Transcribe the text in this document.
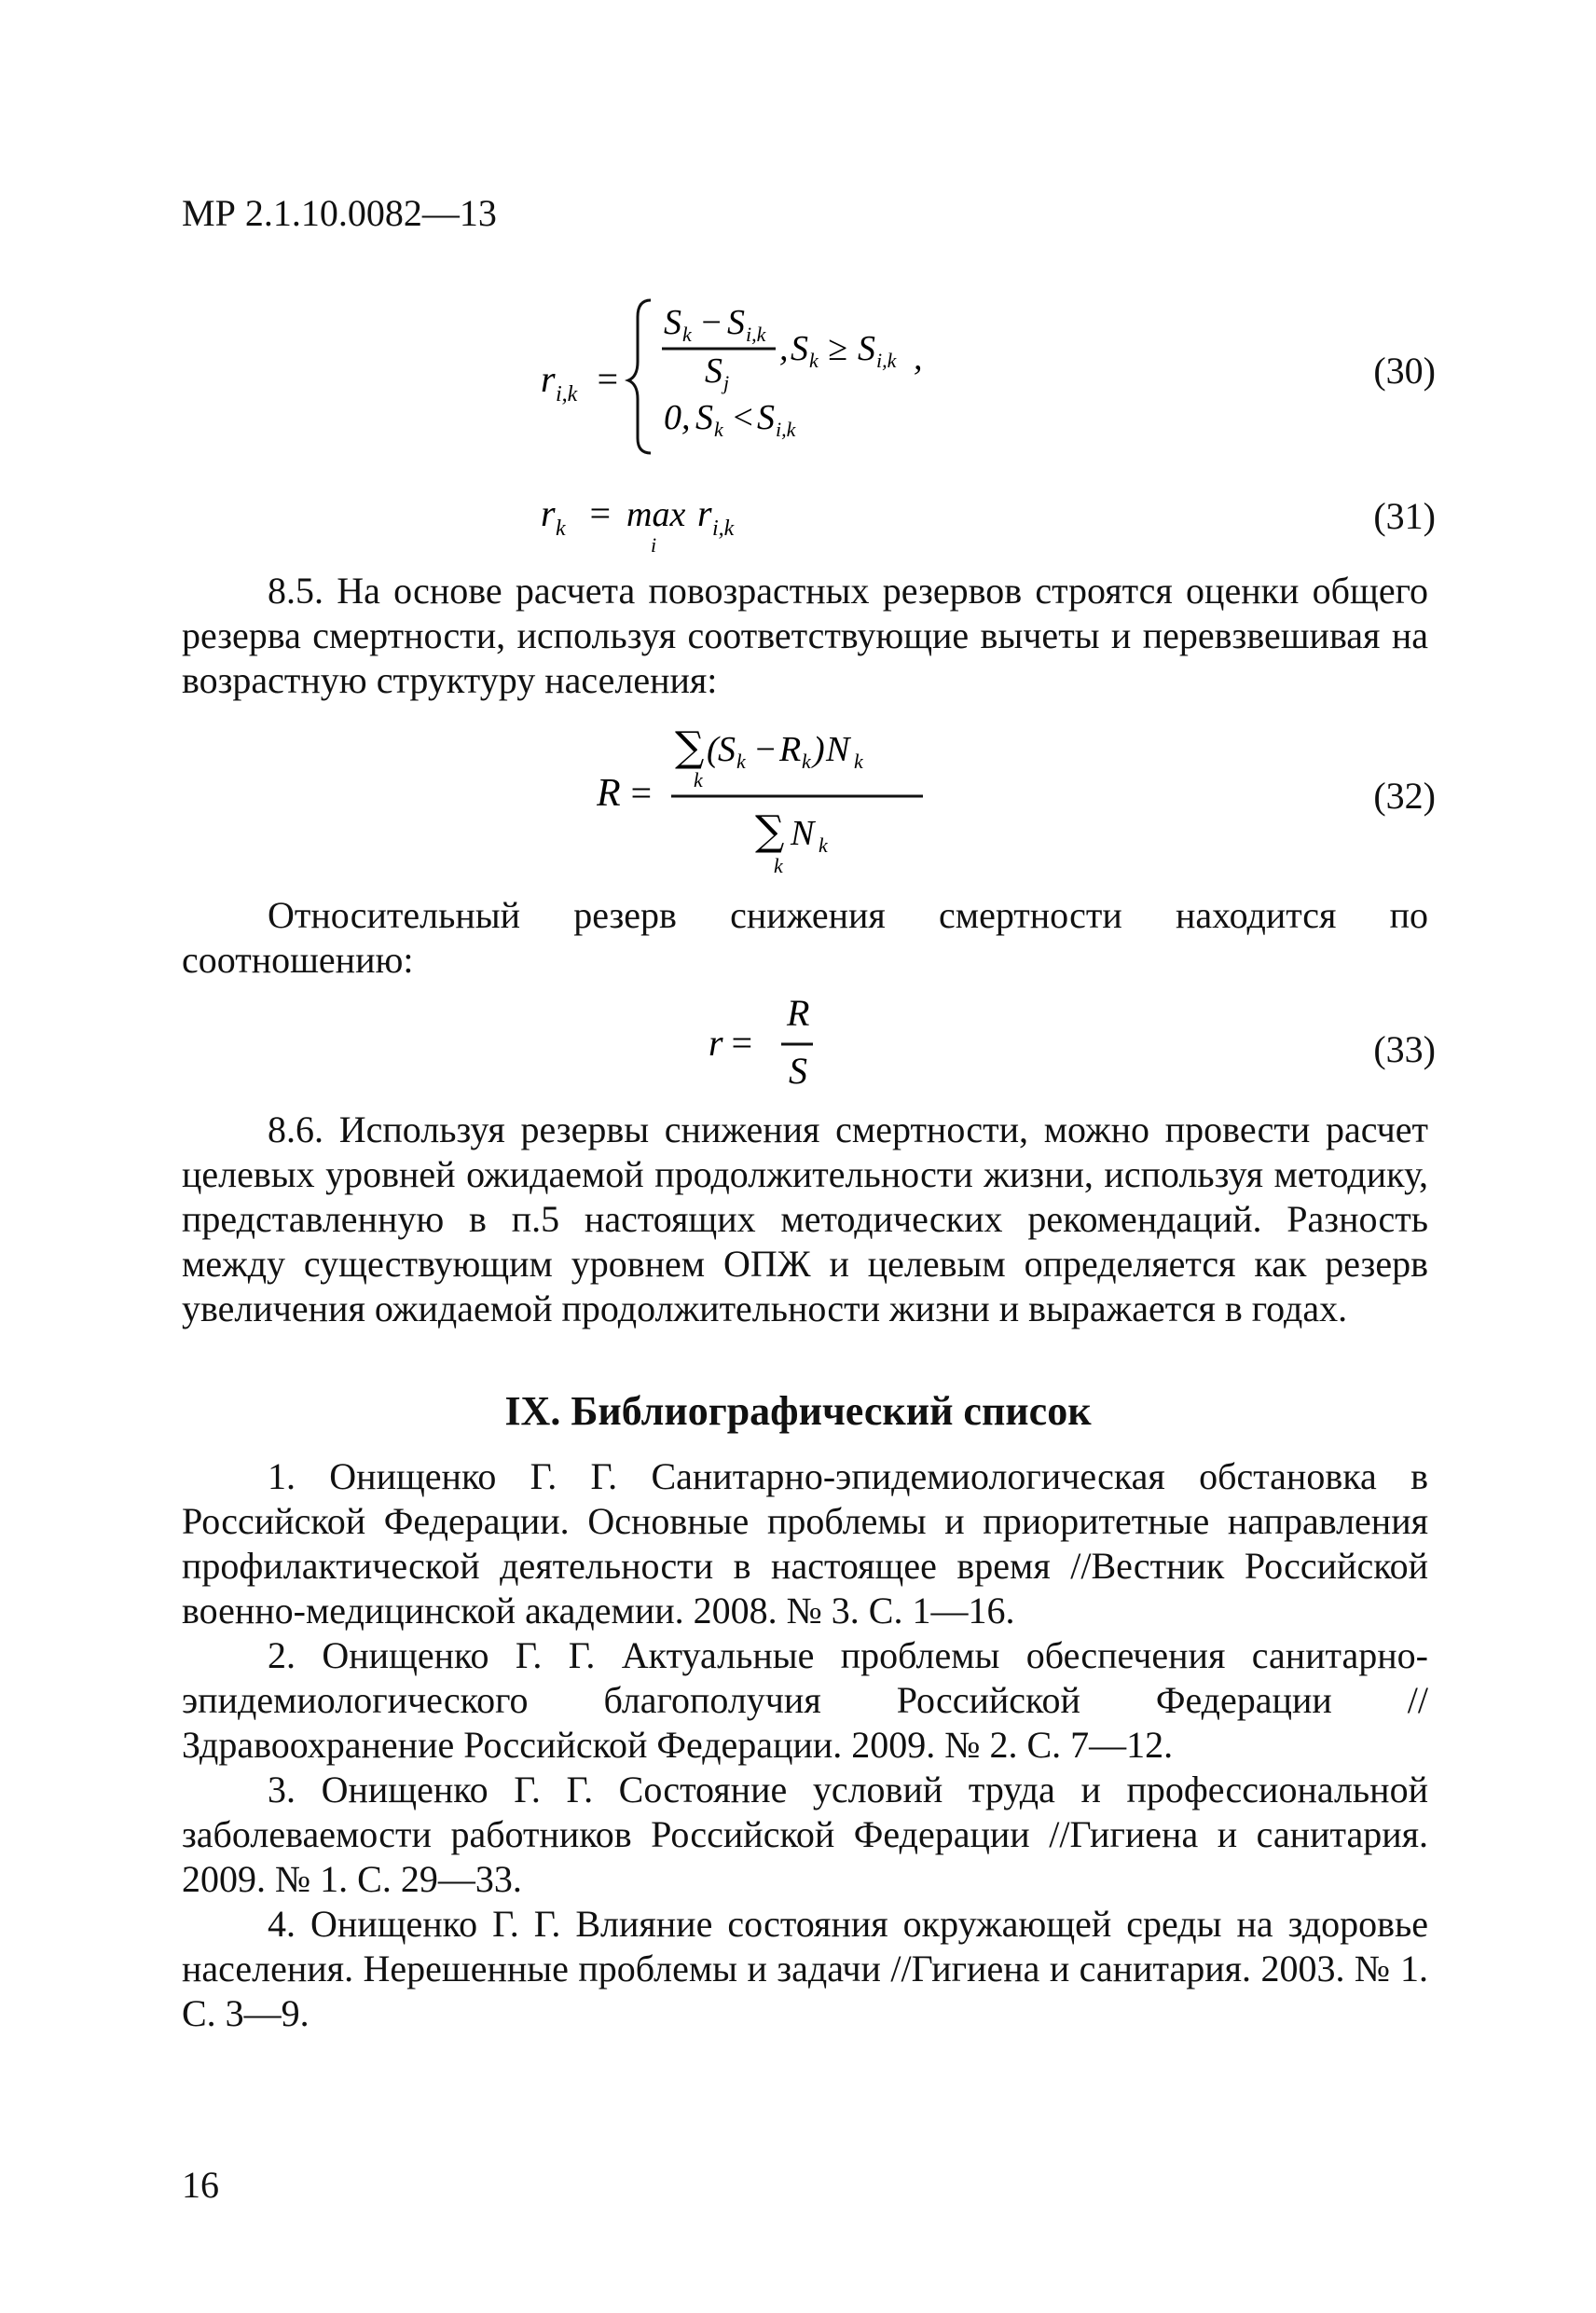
МР 2.1.10.0082—13
r i,k =
S k − S i,k
S j
, S k ≥ S i,k ,
0, S k < S i,k
(30)
r k = max
i
r i,k	(31)

8.5. На основе расчета повозрастных резервов строятся оценки общего резерва смертности, используя соответствующие вычеты и перевзвешивая на возрастную структуру населения:

R =
∑
k
( S k − R k ) N k
∑
k
N k
(32)

Относительный резерв снижения смертности находится по соотношению:

r =
R
S
(33)

8.6. Используя резервы снижения смертности, можно провести расчет целевых уровней ожидаемой продолжительности жизни, используя методику, представленную в п.5 настоящих методических рекомендаций. Разность между существующим уровнем ОПЖ и целевым определяется как резерв увеличения ожидаемой продолжительности жизни и выражается в годах.

IX. Библиографический список

1. Онищенко Г. Г. Санитарно-эпидемиологическая обстановка в Российской Федерации. Основные проблемы и приоритетные направления профилактической деятельности в настоящее время //Вестник Российской военно-медицинской академии. 2008. № 3. С. 1—16.

2. Онищенко Г. Г. Актуальные проблемы обеспечения санитарно-эпидемиологического благополучия Российской Федерации //Здравоохранение Российской Федерации. 2009. № 2. С. 7—12.

3. Онищенко Г. Г. Состояние условий труда и профессиональной заболеваемости работников Российской Федерации //Гигиена и санитария. 2009. № 1. С. 29—33.

4. Онищенко Г. Г. Влияние состояния окружающей среды на здоровье населения. Нерешенные проблемы и задачи //Гигиена и санитария. 2003. № 1. С. 3—9.

16
